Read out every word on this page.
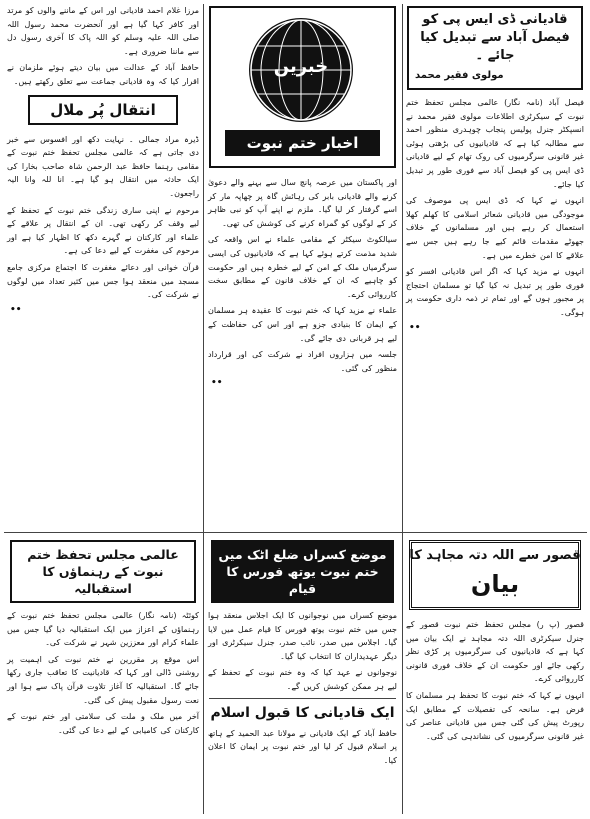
قادیانی ڈی ایس پی کو فیصل آباد سے تبدیل کیا جائے ۔
مولوی فقیر محمد

فیصل آباد (نامہ نگار) عالمی مجلس تحفظ ختم نبوت کے سیکرٹری اطلاعات مولوی فقیر محمد نے انسپکٹر جنرل پولیس پنجاب چوہدری منظور احمد سے مطالبہ کیا ہے کہ قادیانیوں کی بڑھتی ہوئی غیر قانونی سرگرمیوں کی روک تھام کے لیے قادیانی ڈی ایس پی کو فیصل آباد سے فوری طور پر تبدیل کیا جائے۔

انہوں نے کہا کہ ڈی ایس پی موصوف کی موجودگی میں قادیانی شعائر اسلامی کا کھلم کھلا استعمال کر رہے ہیں اور مسلمانوں کے خلاف جھوٹے مقدمات قائم کیے جا رہے ہیں جس سے علاقے کا امن خطرے میں ہے۔

انہوں نے مزید کہا کہ اگر اس قادیانی افسر کو فوری طور پر تبدیل نہ کیا گیا تو مسلمان احتجاج پر مجبور ہوں گے اور تمام تر ذمہ داری حکومت پر ہوگی۔

••
خبریں
اخبار ختم نبوت

اور پاکستان میں عرصہ پانچ سال سے بہنے والے دعویٰ کرنے والے قادیانی بابر کی رہائش گاہ پر چھاپہ مار کر اسے گرفتار کر لیا گیا۔ ملزم نے اپنے آپ کو نبی ظاہر کر کے لوگوں کو گمراہ کرنے کی کوشش کی تھی۔

سیالکوٹ سیکٹر کے مقامی علماء نے اس واقعہ کی شدید مذمت کرتے ہوئے کہا ہے کہ قادیانیوں کی ایسی سرگرمیاں ملک کے امن کے لیے خطرہ ہیں اور حکومت کو چاہیے کہ ان کے خلاف قانون کے مطابق سخت کارروائی کرے۔

علماء نے مزید کہا کہ ختم نبوت کا عقیدہ ہر مسلمان کے ایمان کا بنیادی جزو ہے اور اس کی حفاظت کے لیے ہر قربانی دی جائے گی۔

جلسہ میں ہزاروں افراد نے شرکت کی اور قرارداد منظور کی گئی۔

••

مرزا غلام احمد قادیانی اور اس کے ماننے والوں کو مرتد اور کافر کہا گیا ہے اور آنحضرت محمد رسول اللہ صلی اللہ علیہ وسلم کو اللہ پاک کا آخری رسول دل سے ماننا ضروری ہے۔

حافظ آباد کے عدالت میں بیان دیتے ہوئے ملزمان نے اقرار کیا کہ وہ قادیانی جماعت سے تعلق رکھتے ہیں۔

انتقال پُر ملال

ڈیرہ مراد جمالی ۔ نہایت دکھ اور افسوس سے خبر دی جاتی ہے کہ عالمی مجلس تحفظ ختم نبوت کے مقامی رہنما حافظ عبد الرحمن شاہ صاحب بخارا کی ایک حادثہ میں انتقال ہو گیا ہے۔ انا للہ وانا الیہ راجعون۔

مرحوم نے اپنی ساری زندگی ختم نبوت کے تحفظ کے لیے وقف کر رکھی تھی۔ ان کے انتقال پر علاقے کے علماء اور کارکنان نے گہرے دکھ کا اظہار کیا ہے اور مرحوم کی مغفرت کے لیے دعا کی ہے۔

قرآن خوانی اور دعائے مغفرت کا اجتماع مرکزی جامع مسجد میں منعقد ہوا جس میں کثیر تعداد میں لوگوں نے شرکت کی۔

••
قصور سے اللہ دتہ مجاہد کا
بیان

قصور (پ ر) مجلس تحفظ ختم نبوت قصور کے جنرل سیکرٹری اللہ دتہ مجاہد نے ایک بیان میں کہا ہے کہ قادیانیوں کی سرگرمیوں پر کڑی نظر رکھی جائے اور حکومت ان کے خلاف فوری قانونی کارروائی کرے۔

انہوں نے کہا کہ ختم نبوت کا تحفظ ہر مسلمان کا فرض ہے۔ سانحہ کی تفصیلات کے مطابق ایک رپورٹ پیش کی گئی جس میں قادیانی عناصر کی غیر قانونی سرگرمیوں کی نشاندہی کی گئی۔

موضع کسراں ضلع اٹک میں ختم نبوت یوتھ فورس کا قیام

موضع کسراں میں نوجوانوں کا ایک اجلاس منعقد ہوا جس میں ختم نبوت یوتھ فورس کا قیام عمل میں لایا گیا۔ اجلاس میں صدر، نائب صدر، جنرل سیکرٹری اور دیگر عہدیداران کا انتخاب کیا گیا۔

نوجوانوں نے عہد کیا کہ وہ ختم نبوت کے تحفظ کے لیے ہر ممکن کوشش کریں گے۔

ایک قادیانی کا قبول اسلام

حافظ آباد کے ایک قادیانی نے مولانا عبد الحمید کے ہاتھ پر اسلام قبول کر لیا اور ختم نبوت پر ایمان کا اعلان کیا۔

عالمی مجلس تحفظ ختم نبوت کے رہنماؤں کا استقبالیہ

کوئٹہ (نامہ نگار) عالمی مجلس تحفظ ختم نبوت کے رہنماؤں کے اعزاز میں ایک استقبالیہ دیا گیا جس میں علماء کرام اور معززین شہر نے شرکت کی۔

اس موقع پر مقررین نے ختم نبوت کی اہمیت پر روشنی ڈالی اور کہا کہ قادیانیت کا تعاقب جاری رکھا جائے گا۔ استقبالیہ کا آغاز تلاوت قرآن پاک سے ہوا اور نعت رسول مقبول پیش کی گئی۔

آخر میں ملک و ملت کی سلامتی اور ختم نبوت کے کارکنان کی کامیابی کے لیے دعا کی گئی۔
